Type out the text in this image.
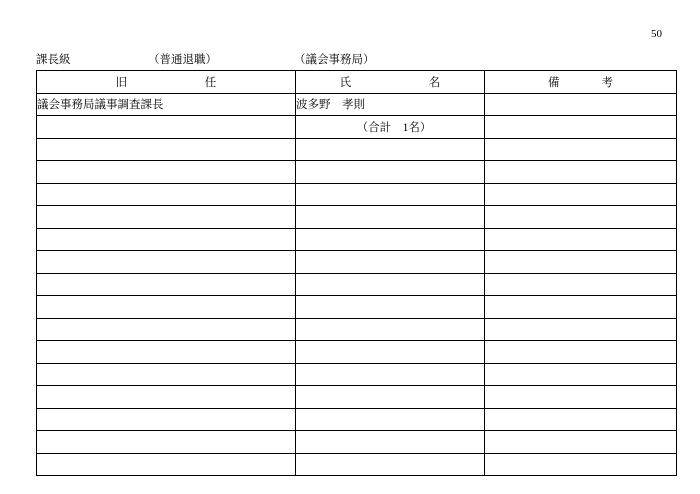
50
課長級	（普通退職）	（議会事務局）
旧　　　　任	氏　　　　名	備　　考
議会事務局議事調査課長	波多野　孝則	
	（合計　1名）	
